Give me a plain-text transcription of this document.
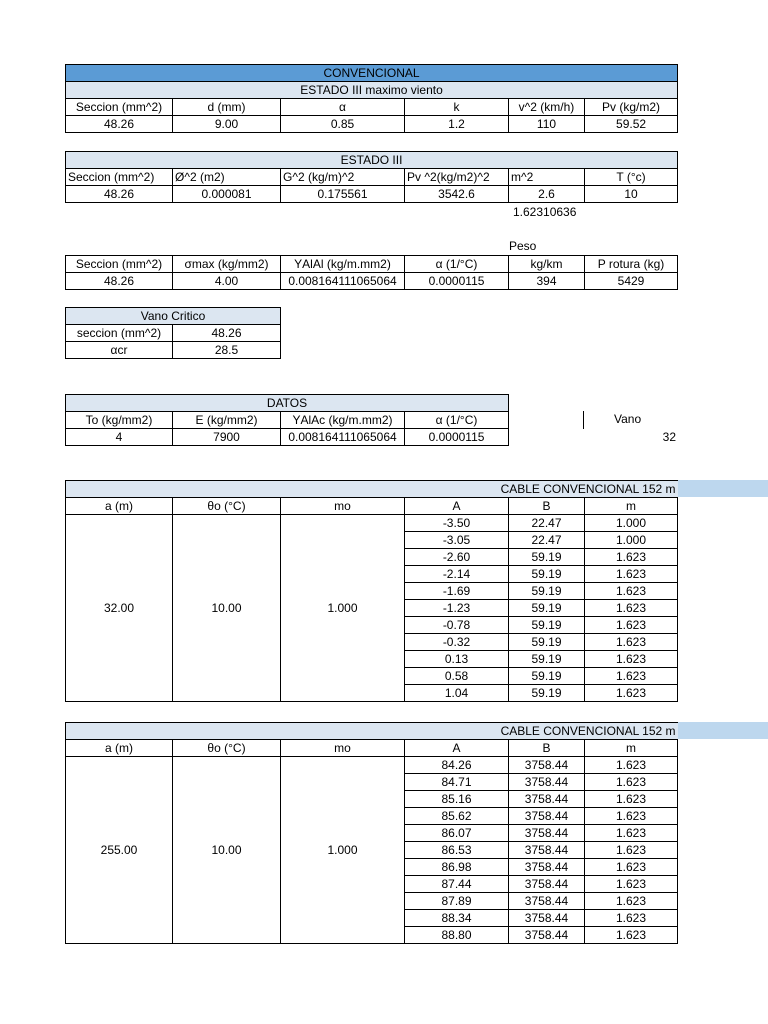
CONVENCIONAL					
ESTADO III maximo viento					
Seccion (mm^2)	d (mm)	α	k	v^2 (km/h)	Pv (kg/m2)
48.26	9.00	0.85	1.2	110	59.52
ESTADO III					
Seccion (mm^2)	Ø^2 (m2)	G^2 (kg/m)^2	Pv ^2(kg/m2)^2	m^2	T (°c)
48.26	0.000081	0.175561	3542.6	2.6	10
1.62310636
Peso
Seccion (mm^2)	σmax (kg/mm2)	ΥAlAl (kg/m.mm2)	α (1/°C)	kg/km	P rotura (kg)
48.26	4.00	0.008164111065064	0.0000115	394	5429
Vano Critico	
seccion (mm^2)	48.26
αcr	28.5
DATOS			
To (kg/mm2)	E (kg/mm2)	ΥAlAc (kg/m.mm2)	α (1/°C)
4	7900	0.008164111065064	0.0000115
Vano
32
CABLE CONVENCIONAL 152 m					
a (m)	θo (°C)	mo	A	B	m
32.00	10.00	1.000	-3.50	22.47	1.000
			-3.05	22.47	1.000
			-2.60	59.19	1.623
			-2.14	59.19	1.623
			-1.69	59.19	1.623
			-1.23	59.19	1.623
			-0.78	59.19	1.623
			-0.32	59.19	1.623
			0.13	59.19	1.623
			0.58	59.19	1.623
			1.04	59.19	1.623
CABLE CONVENCIONAL 152 m					
a (m)	θo (°C)	mo	A	B	m
255.00	10.00	1.000	84.26	3758.44	1.623
			84.71	3758.44	1.623
			85.16	3758.44	1.623
			85.62	3758.44	1.623
			86.07	3758.44	1.623
			86.53	3758.44	1.623
			86.98	3758.44	1.623
			87.44	3758.44	1.623
			87.89	3758.44	1.623
			88.34	3758.44	1.623
			88.80	3758.44	1.623
